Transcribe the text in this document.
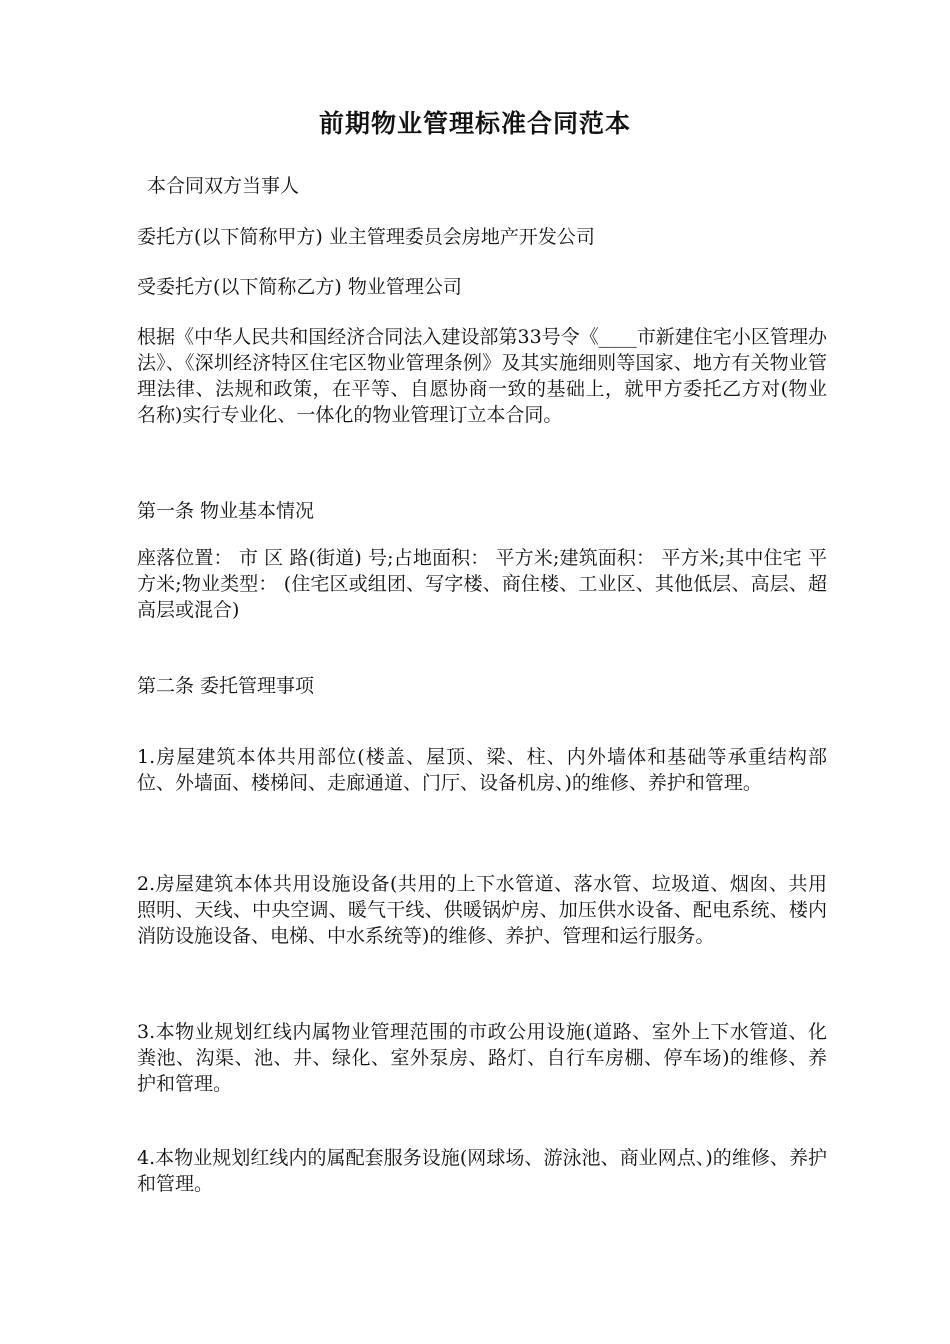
前期物业管理标准合同范本

本合同双方当事人

委托方(以下简称甲方) 业主管理委员会房地产开发公司

受委托方(以下简称乙方) 物业管理公司

根据《中华人民共和国经济合同法入建设部第33号令《____市新建住宅小区管理办法》、《深圳经济特区住宅区物业管理条例》及其实施细则等国家、地方有关物业管理法律、法规和政策，在平等、自愿协商一致的基础上，就甲方委托乙方对(物业名称)实行专业化、一体化的物业管理订立本合同。

第一条 物业基本情况

座落位置： 市 区 路(街道) 号;占地面积： 平方米;建筑面积： 平方米;其中住宅 平方米;物业类型： (住宅区或组团、写字楼、商住楼、工业区、其他低层、高层、超高层或混合)

第二条 委托管理事项

1.房屋建筑本体共用部位(楼盖、屋顶、梁、柱、内外墙体和基础等承重结构部位、外墙面、楼梯间、走廊通道、门厅、设备机房、)的维修、养护和管理。

2.房屋建筑本体共用设施设备(共用的上下水管道、落水管、垃圾道、烟囱、共用照明、天线、中央空调、暖气干线、供暖锅炉房、加压供水设备、配电系统、楼内消防设施设备、电梯、中水系统等)的维修、养护、管理和运行服务。

3.本物业规划红线内属物业管理范围的市政公用设施(道路、室外上下水管道、化粪池、沟渠、池、井、绿化、室外泵房、路灯、自行车房棚、停车场)的维修、养护和管理。

4.本物业规划红线内的属配套服务设施(网球场、游泳池、商业网点、)的维修、养护和管理。
